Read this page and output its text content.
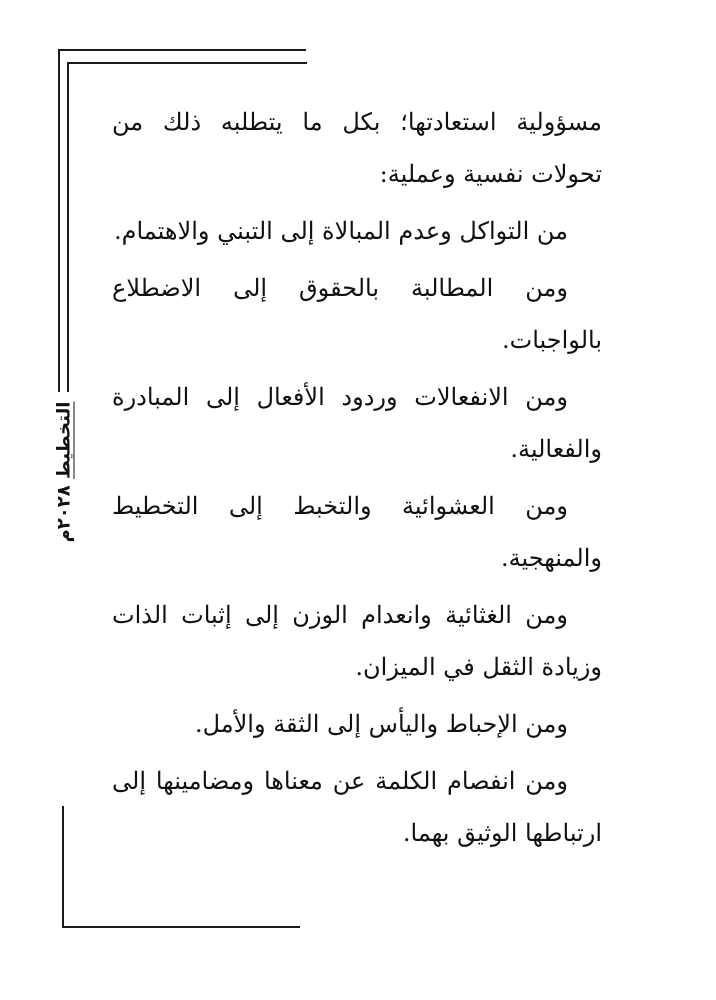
التخطيط ٢٠٢٨م

مسؤولية استعادتها؛ بكل ما يتطلبه ذلك من تحولات نفسية وعملية:

من التواكل وعدم المبالاة إلى التبني والاهتمام.

ومن المطالبة بالحقوق إلى الاضطلاع بالواجبات.

ومن الانفعالات وردود الأفعال إلى المبادرة والفعالية.

ومن العشوائية والتخبط إلى التخطيط والمنهجية.

ومن الغثائية وانعدام الوزن إلى إثبات الذات وزيادة الثقل في الميزان.

ومن الإحباط واليأس إلى الثقة والأمل.

ومن انفصام الكلمة عن معناها ومضامينها إلى ارتباطها الوثيق بهما.
